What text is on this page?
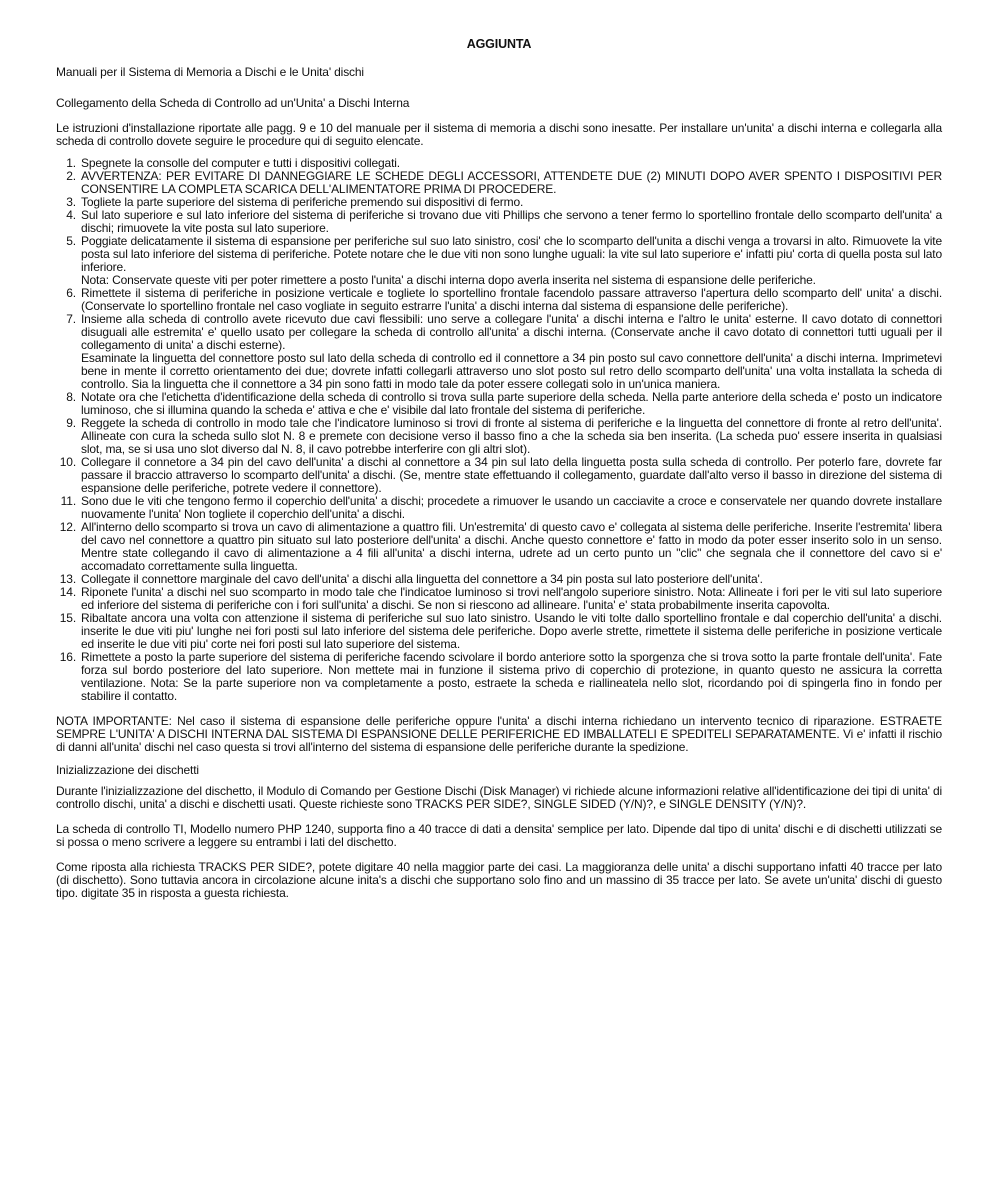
AGGIUNTA

Manuali per il Sistema di Memoria a Dischi e le Unita' dischi

Collegamento della Scheda di Controllo ad un'Unita' a Dischi Interna

Le istruzioni d'installazione riportate alle pagg. 9 e 10 del manuale per il sistema di memoria a dischi sono inesatte. Per installare un'unita' a dischi interna e collegarla alla scheda di controllo dovete seguire le procedure qui di seguito elencate.

1. Spegnete la consolle del computer e tutti i dispositivi collegati.
2. AVVERTENZA: PER EVITARE DI DANNEGGIARE LE SCHEDE DEGLI ACCESSORI, ATTENDETE DUE (2) MINUTI DOPO AVER SPENTO I DISPOSITIVI PER CONSENTIRE LA COMPLETA SCARICA DELL'ALIMENTATORE PRIMA DI PROCEDERE.
3. Togliete la parte superiore del sistema di periferiche premendo sui dispositivi di fermo.
4. Sul lato superiore e sul lato inferiore del sistema di periferiche si trovano due viti Phillips che servono a tener fermo lo sportellino frontale dello scomparto dell'unita' a dischi; rimuovete la vite posta sul lato superiore.
5. Poggiate delicatamente il sistema di espansione per periferiche sul suo lato sinistro, cosi' che lo scomparto dell'unita a dischi venga a trovarsi in alto. Rimuovete la vite posta sul lato inferiore del sistema di periferiche. Potete notare che le due viti non sono lunghe uguali: la vite sul lato superiore e' infatti piu' corta di quella posta sul lato inferiore.
Nota: Conservate queste viti per poter rimettere a posto l'unita' a dischi interna dopo averla inserita nel sistema di espansione delle periferiche.
6. Rimettete il sistema di periferiche in posizione verticale e togliete lo sportellino frontale facendolo passare attraverso l'apertura dello scomparto dell' unita' a dischi. (Conservate lo sportellino frontale nel caso vogliate in seguito estrarre l'unita' a dischi interna dal sistema di espansione delle periferiche).
7. Insieme alla scheda di controllo avete ricevuto due cavi flessibili: uno serve a collegare l'unita' a dischi interna e l'altro le unita' esterne. Il cavo dotato di connettori disuguali alle estremita' e' quello usato per collegare la scheda di controllo all'unita' a dischi interna. (Conservate anche il cavo dotato di connettori tutti uguali per il collegamento di unita' a dischi esterne).
Esaminate la linguetta del connettore posto sul lato della scheda di controllo ed il connettore a 34 pin posto sul cavo connettore dell'unita' a dischi interna. Imprimetevi bene in mente il corretto orientamento dei due; dovrete infatti collegarli attraverso uno slot posto sul retro dello scomparto dell'unita' una volta installata la scheda di controllo. Sia la linguetta che il connettore a 34 pin sono fatti in modo tale da poter essere collegati solo in un'unica maniera.
8. Notate ora che l'etichetta d'identificazione della scheda di controllo si trova sulla parte superiore della scheda. Nella parte anteriore della scheda e' posto un indicatore luminoso, che si illumina quando la scheda e' attiva e che e' visibile dal lato frontale del sistema di periferiche.
9. Reggete la scheda di controllo in modo tale che l'indicatore luminoso si trovi di fronte al sistema di periferiche e la linguetta del connettore di fronte al retro dell'unita'. Allineate con cura la scheda sullo slot N. 8 e premete con decisione verso il basso fino a che la scheda sia ben inserita. (La scheda puo' essere inserita in qualsiasi slot, ma, se si usa uno slot diverso dal N. 8, il cavo potrebbe interferire con gli altri slot).
10. Collegare il connetore a 34 pin del cavo dell'unita' a dischi al connettore a 34 pin sul lato della linguetta posta sulla scheda di controllo. Per poterlo fare, dovrete far passare il braccio attraverso lo scomparto dell'unita' a dischi. (Se, mentre state effettuando il collegamento, guardate dall'alto verso il basso in direzione del sistema di espansione delle periferiche, potrete vedere il connettore).
11. Sono due le viti che tengono fermo il coperchio dell'unita' a dischi; procedete a rimuover le usando un cacciavite a croce e conservatele ner quando dovrete installare nuovamente l'unita' Non togliete il coperchio dell'unita' a dischi.
12. All'interno dello scomparto si trova un cavo di alimentazione a quattro fili. Un'estremita' di questo cavo e' collegata al sistema delle periferiche. Inserite l'estremita' libera del cavo nel connettore a quattro pin situato sul lato posteriore dell'unita' a dischi. Anche questo connettore e' fatto in modo da poter esser inserito solo in un senso. Mentre state collegando il cavo di alimentazione a 4 fili all'unita' a dischi interna, udrete ad un certo punto un "clic" che segnala che il connettore del cavo si e' accomadato correttamente sulla linguetta.
13. Collegate il connettore marginale del cavo dell'unita' a dischi alla linguetta del connettore a 34 pin posta sul lato posteriore dell'unita'.
14. Riponete l'unita' a dischi nel suo scomparto in modo tale che l'indicatoe luminoso si trovi nell'angolo superiore sinistro. Nota: Allineate i fori per le viti sul lato superiore ed inferiore del sistema di periferiche con i fori sull'unita' a dischi. Se non si riescono ad allineare. l'unita' e' stata probabilmente inserita capovolta.
15. Ribaltate ancora una volta con attenzione il sistema di periferiche sul suo lato sinistro. Usando le viti tolte dallo sportellino frontale e dal coperchio dell'unita' a dischi. inserite le due viti piu' lunghe nei fori posti sul lato inferiore del sistema dele periferiche. Dopo averle strette, rimettete il sistema delle periferiche in posizione verticale ed inserite le due viti piu' corte nei fori posti sul lato superiore del sistema.
16. Rimettete a posto la parte superiore del sistema di periferiche facendo scivolare il bordo anteriore sotto la sporgenza che si trova sotto la parte frontale dell'unita'. Fate forza sul bordo posteriore del lato superiore. Non mettete mai in funzione il sistema privo di coperchio di protezione, in quanto questo ne assicura la corretta ventilazione. Nota: Se la parte superiore non va completamente a posto, estraete la scheda e riallineatela nello slot, ricordando poi di spingerla fino in fondo per stabilire il contatto.

NOTA IMPORTANTE: Nel caso il sistema di espansione delle periferiche oppure l'unita' a dischi interna richiedano un intervento tecnico di riparazione. ESTRAETE SEMPRE L'UNITA' A DISCHI INTERNA DAL SISTEMA DI ESPANSIONE DELLE PERIFERICHE ED IMBALLATELI E SPEDITELI SEPARATAMENTE. Vi e' infatti il rischio di danni all'unita' dischi nel caso questa si trovi all'interno del sistema di espansione delle periferiche durante la spedizione.

Inizializzazione dei dischetti

Durante l'inizializzazione del dischetto, il Modulo di Comando per Gestione Dischi (Disk Manager) vi richiede alcune informazioni relative all'identificazione dei tipi di unita' di controllo dischi, unita' a dischi e dischetti usati. Queste richieste sono TRACKS PER SIDE?, SINGLE SIDED (Y/N)?, e SINGLE DENSITY (Y/N)?.

La scheda di controllo TI, Modello numero PHP 1240, supporta fino a 40 tracce di dati a densita' semplice per lato. Dipende dal tipo di unita' dischi e di dischetti utilizzati se si possa o meno scrivere a leggere su entrambi i lati del dischetto.

Come riposta alla richiesta TRACKS PER SIDE?, potete digitare 40 nella maggior parte dei casi. La maggioranza delle unita' a dischi supportano infatti 40 tracce per lato (di dischetto). Sono tuttavia ancora in circolazione alcune inita's a dischi che supportano solo fino and un massino di 35 tracce per lato. Se avete un'unita' dischi di guesto tipo. digitate 35 in risposta a guesta richiesta.
